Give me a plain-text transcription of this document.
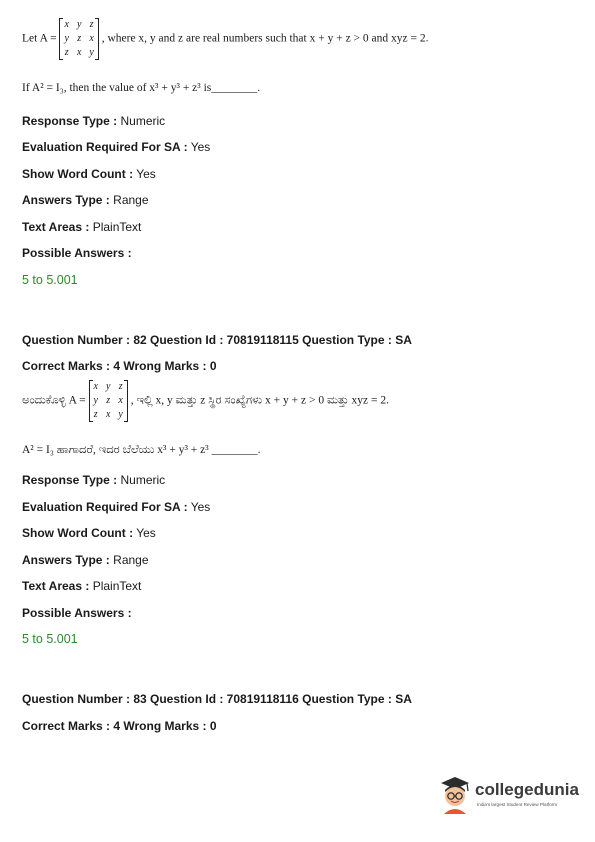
Let A =
x	y	z
y	z	x
z	x	y
, where x, y and z are real numbers such that x + y + z > 0 and xyz = 2.
If A² = I₃, then the value of x³ + y³ + z³ is________.
Response Type : Numeric
Evaluation Required For SA : Yes
Show Word Count : Yes
Answers Type : Range
Text Areas : PlainText
Possible Answers :
5 to 5.001
Question Number : 82 Question Id : 70819118115 Question Type : SA
Correct Marks : 4 Wrong Marks : 0
ಅಂದುಕೊಳ್ಳಿ A =
x	y	z
y	z	x
z	x	y
, ಇಲ್ಲಿ x, y ಮತ್ತು z ಸ್ಥಿರ ಸಂಖ್ಯೆಗಳು x + y + z > 0 ಮತ್ತು xyz = 2.
A² = I₃ ಹಾಗಾದರೆ, ಇದರ ಬೆಲೆಯು x³ + y³ + z³ ________.
Response Type : Numeric
Evaluation Required For SA : Yes
Show Word Count : Yes
Answers Type : Range
Text Areas : PlainText
Possible Answers :
5 to 5.001
Question Number : 83 Question Id : 70819118116 Question Type : SA
Correct Marks : 4 Wrong Marks : 0
collegedunia
India's largest Student Review Platform
